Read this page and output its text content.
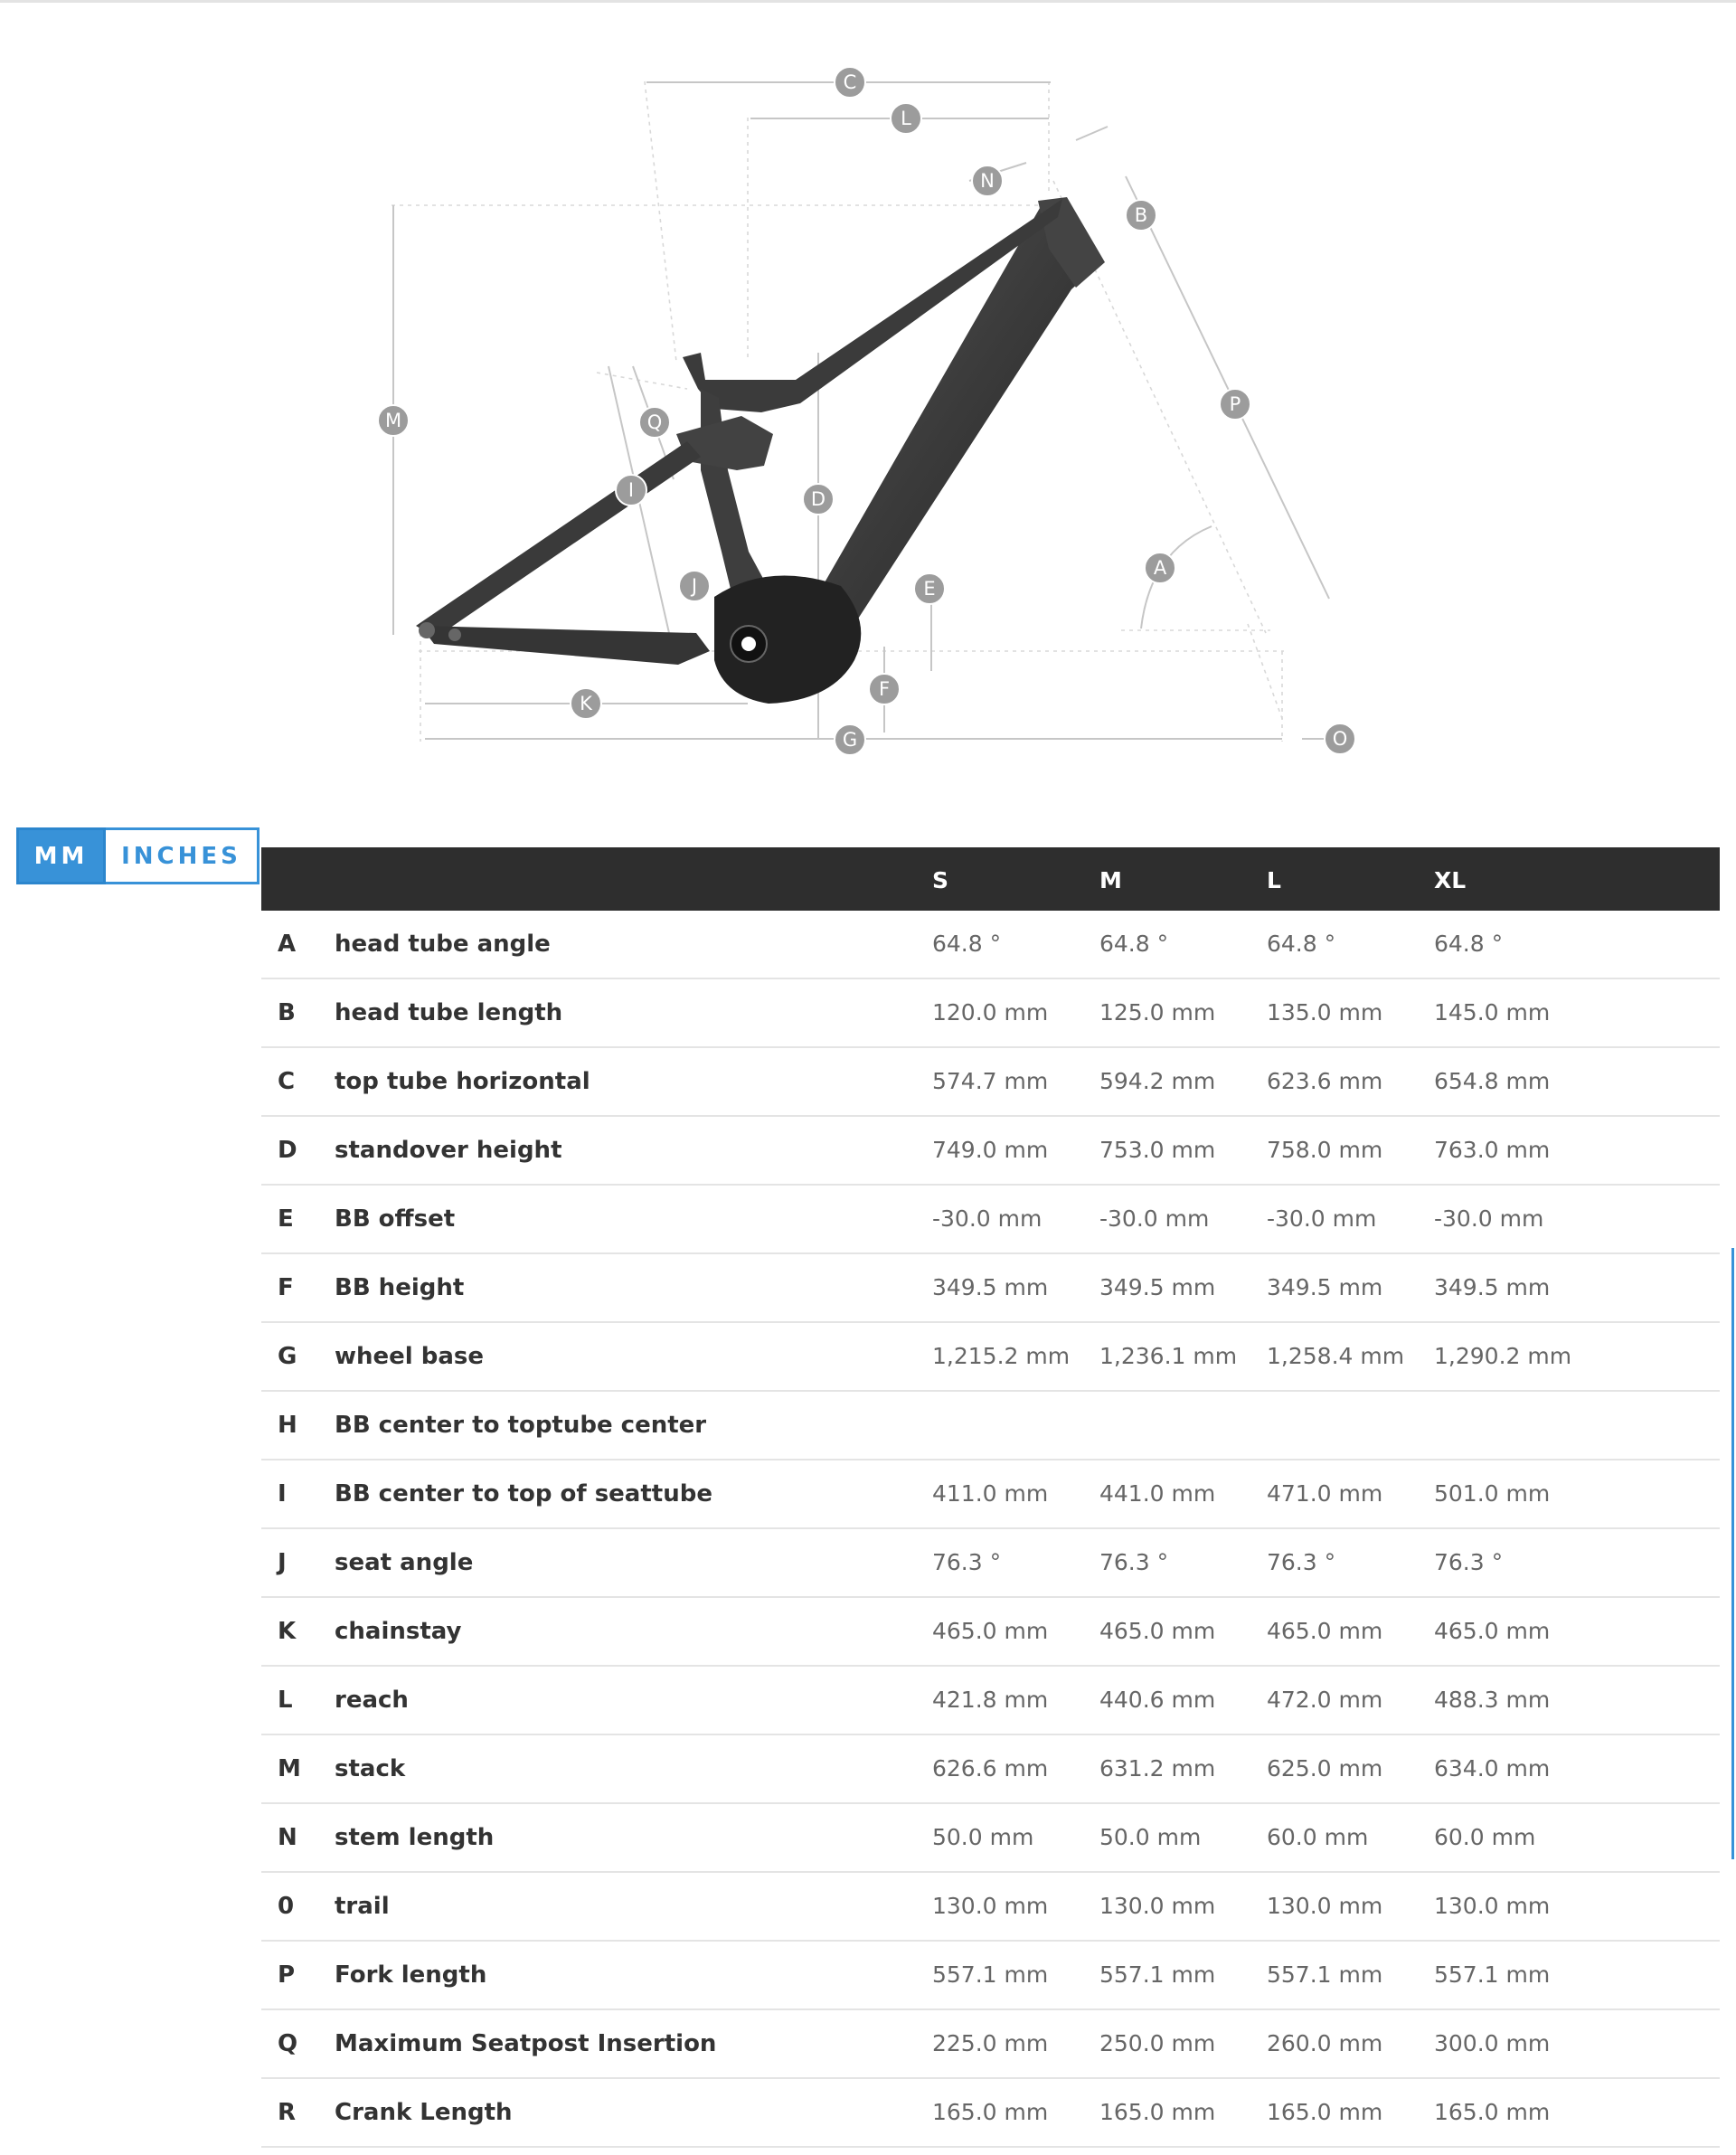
C
L
N
B
P
M	Q
I	D
A
J	E
F
K
G	O
MM	INCHES
S	M	L	XL
A head tube angle	64.8 °	64.8 °	64.8 °	64.8 °
B head tube length	120.0 mm 125.0 mm 135.0 mm 145.0 mm
C top tube horizontal	574.7 mm 594.2 mm 623.6 mm 654.8 mm
D standover height	749.0 mm 753.0 mm 758.0 mm 763.0 mm
E BB offset	-30.0 mm	-30.0 mm	-30.0 mm	-30.0 mm
F BB height	349.5 mm 349.5 mm 349.5 mm 349.5 mm
G wheel base	1,215.2 mm 1,236.1 mm 1,258.4 mm 1,290.2 mm
H BB center to toptube center
I BB center to top of seattube	411.0 mm 441.0 mm 471.0 mm 501.0 mm
J seat angle	76.3 °	76.3 °	76.3 °	76.3 °
K chainstay	465.0 mm 465.0 mm 465.0 mm 465.0 mm
L reach	421.8 mm 440.6 mm 472.0 mm 488.3 mm
M stack	626.6 mm 631.2 mm 625.0 mm 634.0 mm
N stem length	50.0 mm	50.0 mm	60.0 mm	60.0 mm
0 trail	130.0 mm 130.0 mm 130.0 mm 130.0 mm
P Fork length	557.1 mm 557.1 mm 557.1 mm 557.1 mm
Q Maximum Seatpost Insertion	225.0 mm 250.0 mm 260.0 mm 300.0 mm
R Crank Length	165.0 mm 165.0 mm 165.0 mm 165.0 mm
